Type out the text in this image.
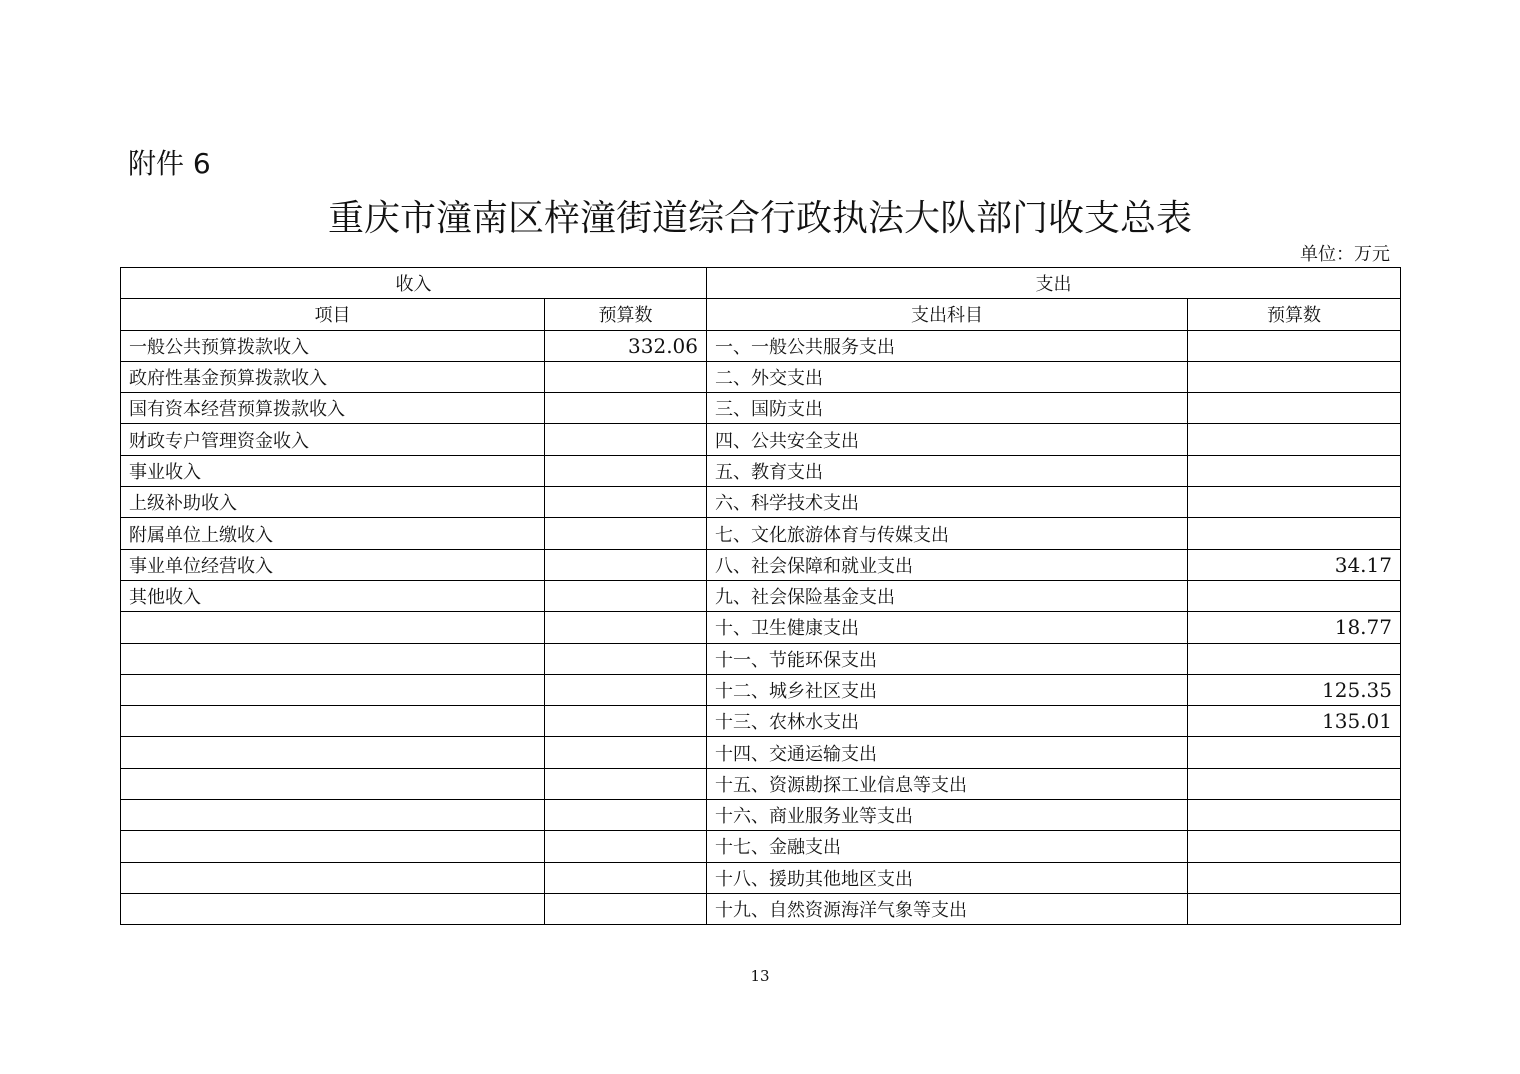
附件 6
重庆市潼南区梓潼街道综合行政执法大队部门收支总表
单位：万元
收入		支出	
项目	预算数	支出科目	预算数
一般公共预算拨款收入	332.06	一、一般公共服务支出	
政府性基金预算拨款收入		二、外交支出	
国有资本经营预算拨款收入		三、国防支出	
财政专户管理资金收入		四、公共安全支出	
事业收入		五、教育支出	
上级补助收入		六、科学技术支出	
附属单位上缴收入		七、文化旅游体育与传媒支出	
事业单位经营收入		八、社会保障和就业支出	34.17
其他收入		九、社会保险基金支出	
		十、卫生健康支出	18.77
		十一、节能环保支出	
		十二、城乡社区支出	125.35
		十三、农林水支出	135.01
		十四、交通运输支出	
		十五、资源勘探工业信息等支出	
		十六、商业服务业等支出	
		十七、金融支出	
		十八、援助其他地区支出	
		十九、自然资源海洋气象等支出	
13
